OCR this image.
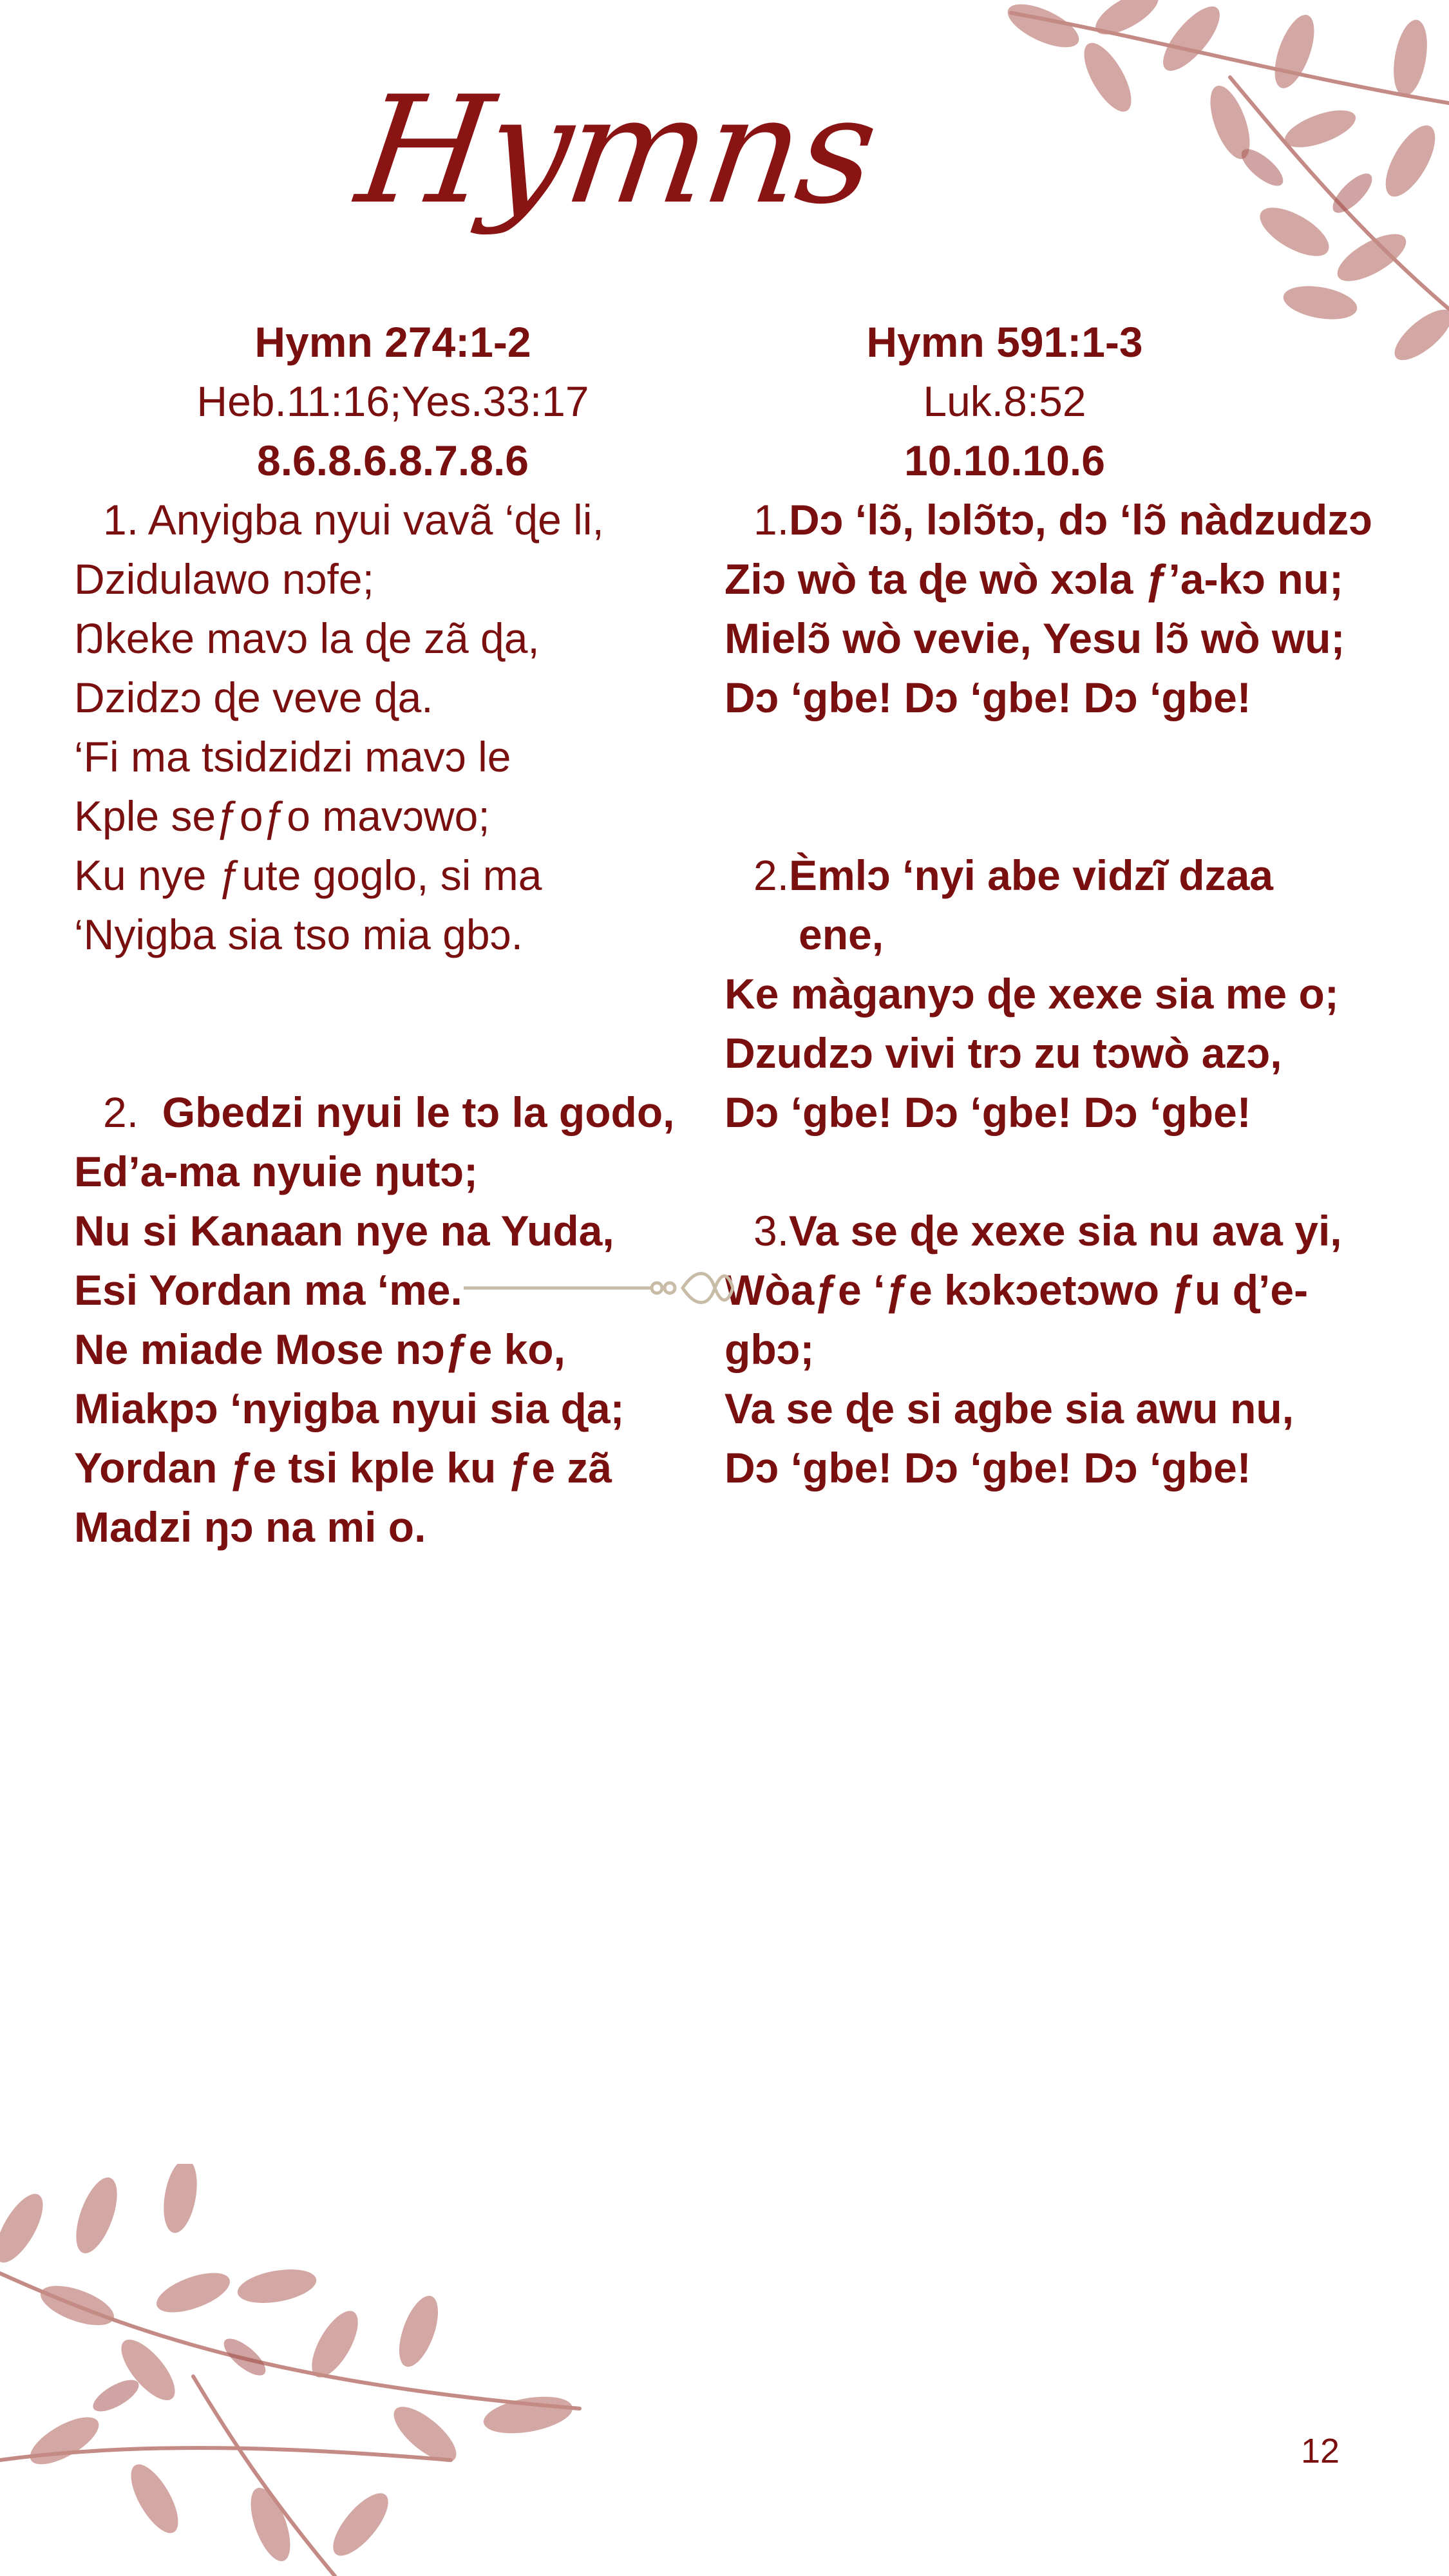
Hymns
Hymn 274:1-2
Heb.11:16;Yes.33:17
8.6.8.6.8.7.8.6
1. Anyigba nyui vavã ‘ɖe li,
Dzidulawo nɔfe;
Ŋkeke mavɔ la ɖe zã ɖa,
Dzidzɔ ɖe veve ɖa.
‘Fi ma tsidzidzi mavɔ le
Kple seƒoƒo mavɔwo;
Ku nye ƒute goglo, si ma
‘Nyigba sia tso mia gbɔ.
2. Gbedzi nyui le tɔ la godo,
Ed’a-ma nyuie ŋutɔ;
Nu si Kanaan nye na Yuda,
Esi Yordan ma ‘me.
Ne miade Mose nɔƒe ko,
Miakpɔ ‘nyigba nyui sia ɖa;
Yordan ƒe tsi kple ku ƒe zã
Madzi ŋɔ na mi o.
Hymn 591:1-3
Luk.8:52
10.10.10.6
1.Dɔ ‘lɔ̃, lɔlɔ̃tɔ, dɔ ‘lɔ̃ nàdzudzɔ
Ziɔ wò ta ɖe wò xɔla ƒ’a-kɔ nu;
Mielɔ̃ wò vevie, Yesu lɔ̃ wò wu;
Dɔ ‘gbe! Dɔ ‘gbe! Dɔ ‘gbe!
2.Èmlɔ ‘nyi abe vidzĩ dzaa
ene,
Ke màganyɔ ɖe xexe sia me o;
Dzudzɔ vivi trɔ zu tɔwò azɔ,
Dɔ ‘gbe! Dɔ ‘gbe! Dɔ ‘gbe!
3.Va se ɖe xexe sia nu ava yi,
Wòaƒe ‘ƒe kɔkɔetɔwo ƒu ɖ’e-
gbɔ;
Va se ɖe si agbe sia awu nu,
Dɔ ‘gbe! Dɔ ‘gbe! Dɔ ‘gbe!
12
